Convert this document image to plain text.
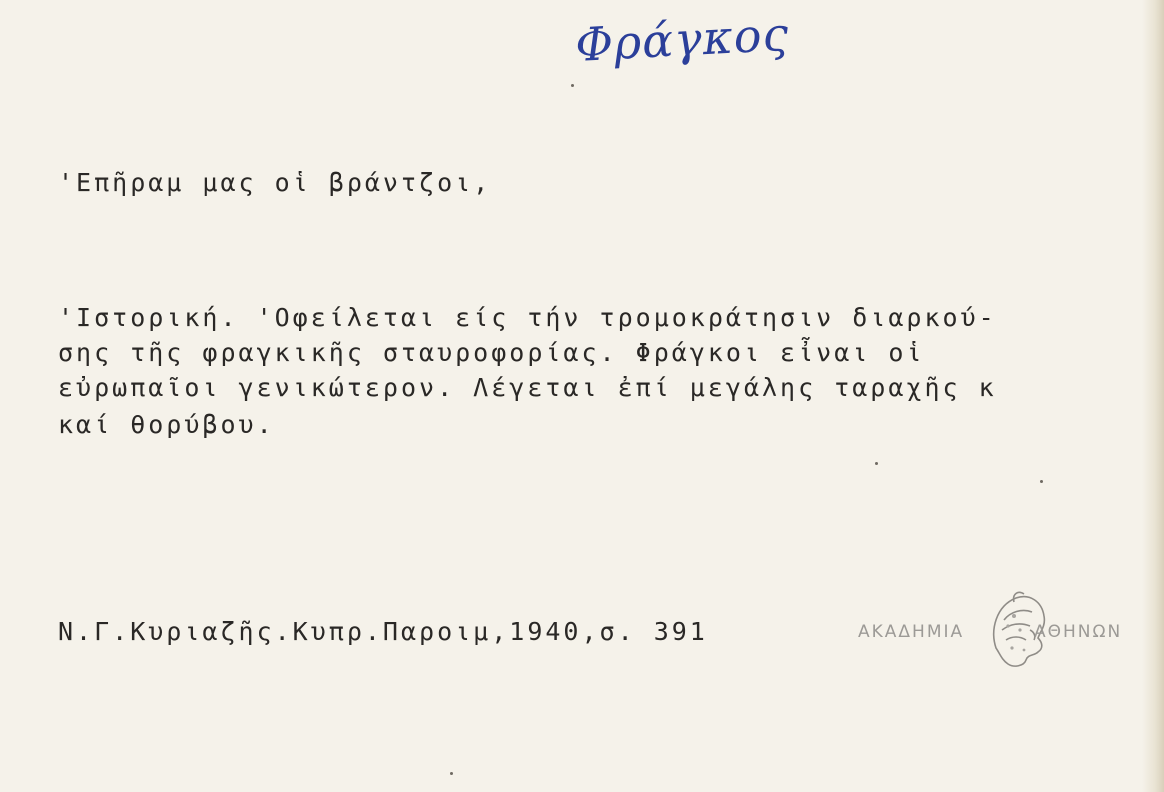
Φράγκος
'Επῆραμ μας οἱ βράντζοι,
'Ιστορική. 'Οφείλεται είς τήν τρομοκράτησιν διαρκού-
σης τῆς φραγκικῆς σταυροφορίας. Φράγκοι εἶναι οἱ
εὐρωπαῖοι γενικώτερον. Λέγεται ἐπί μεγάλης ταραχῆς κ
καί θορύβου.
Ν.Γ.Κυριαζῆς.Κυπρ.Παροιμ,1940,σ. 391	ΑΚΑΔΗΜΙΑ	ΑΘΗΝΩΝ
